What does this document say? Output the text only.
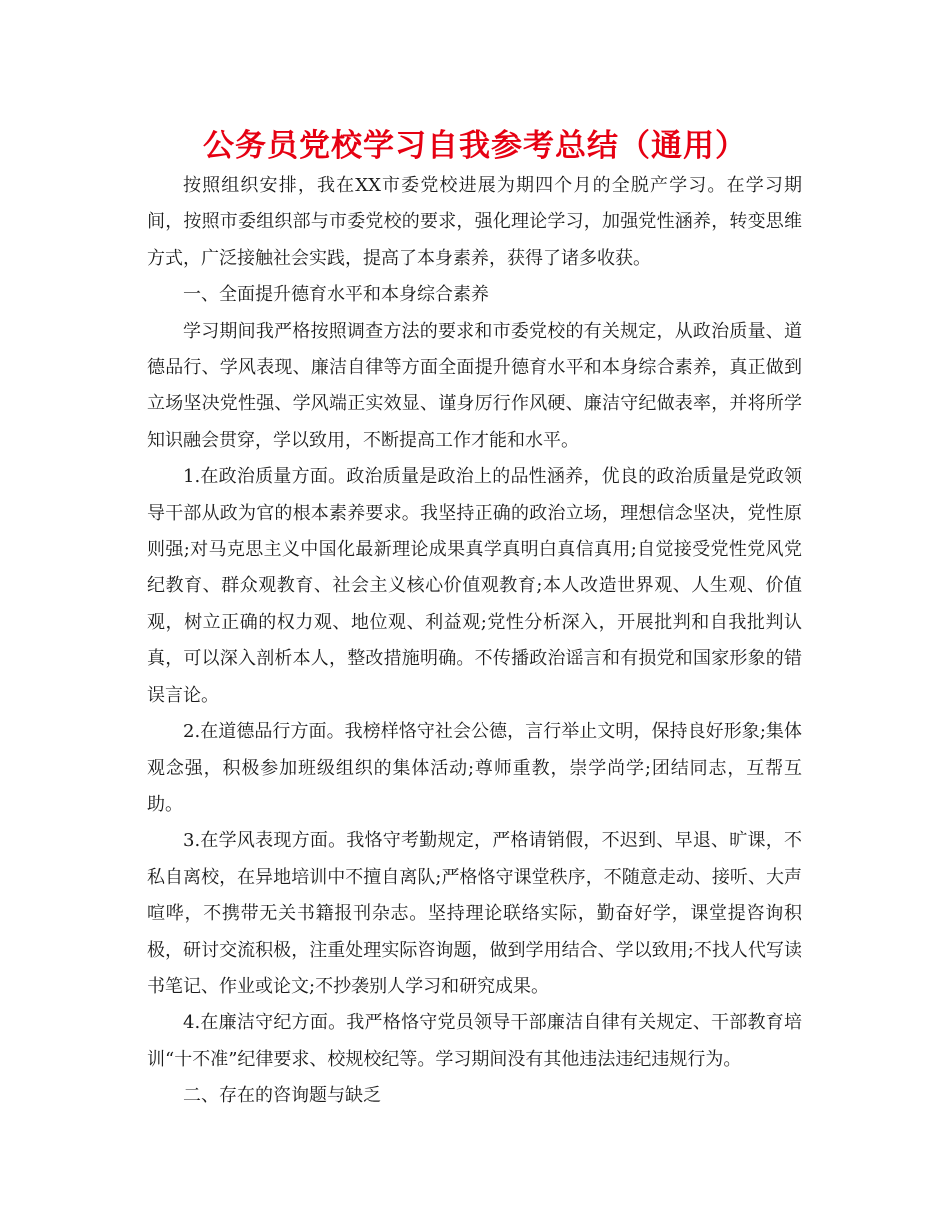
公务员党校学习自我参考总结（通用）

按照组织安排，我在XX市委党校进展为期四个月的全脱产学习。在学习期间，按照市委组织部与市委党校的要求，强化理论学习，加强党性涵养，转变思维方式，广泛接触社会实践，提高了本身素养，获得了诸多收获。

一、全面提升德育水平和本身综合素养

学习期间我严格按照调查方法的要求和市委党校的有关规定，从政治质量、道德品行、学风表现、廉洁自律等方面全面提升德育水平和本身综合素养，真正做到立场坚决党性强、学风端正实效显、谨身厉行作风硬、廉洁守纪做表率，并将所学知识融会贯穿，学以致用，不断提高工作才能和水平。

1.在政治质量方面。政治质量是政治上的品性涵养，优良的政治质量是党政领导干部从政为官的根本素养要求。我坚持正确的政治立场，理想信念坚决，党性原则强;对马克思主义中国化最新理论成果真学真明白真信真用;自觉接受党性党风党纪教育、群众观教育、社会主义核心价值观教育;本人改造世界观、人生观、价值观，树立正确的权力观、地位观、利益观;党性分析深入，开展批判和自我批判认真，可以深入剖析本人，整改措施明确。不传播政治谣言和有损党和国家形象的错误言论。

2.在道德品行方面。我榜样恪守社会公德，言行举止文明，保持良好形象;集体观念强，积极参加班级组织的集体活动;尊师重教，崇学尚学;团结同志，互帮互助。

3.在学风表现方面。我恪守考勤规定，严格请销假，不迟到、早退、旷课，不私自离校，在异地培训中不擅自离队;严格恪守课堂秩序，不随意走动、接听、大声喧哗，不携带无关书籍报刊杂志。坚持理论联络实际，勤奋好学，课堂提咨询积极，研讨交流积极，注重处理实际咨询题，做到学用结合、学以致用;不找人代写读书笔记、作业或论文;不抄袭别人学习和研究成果。

4.在廉洁守纪方面。我严格恪守党员领导干部廉洁自律有关规定、干部教育培训“十不准”纪律要求、校规校纪等。学习期间没有其他违法违纪违规行为。

二、存在的咨询题与缺乏
